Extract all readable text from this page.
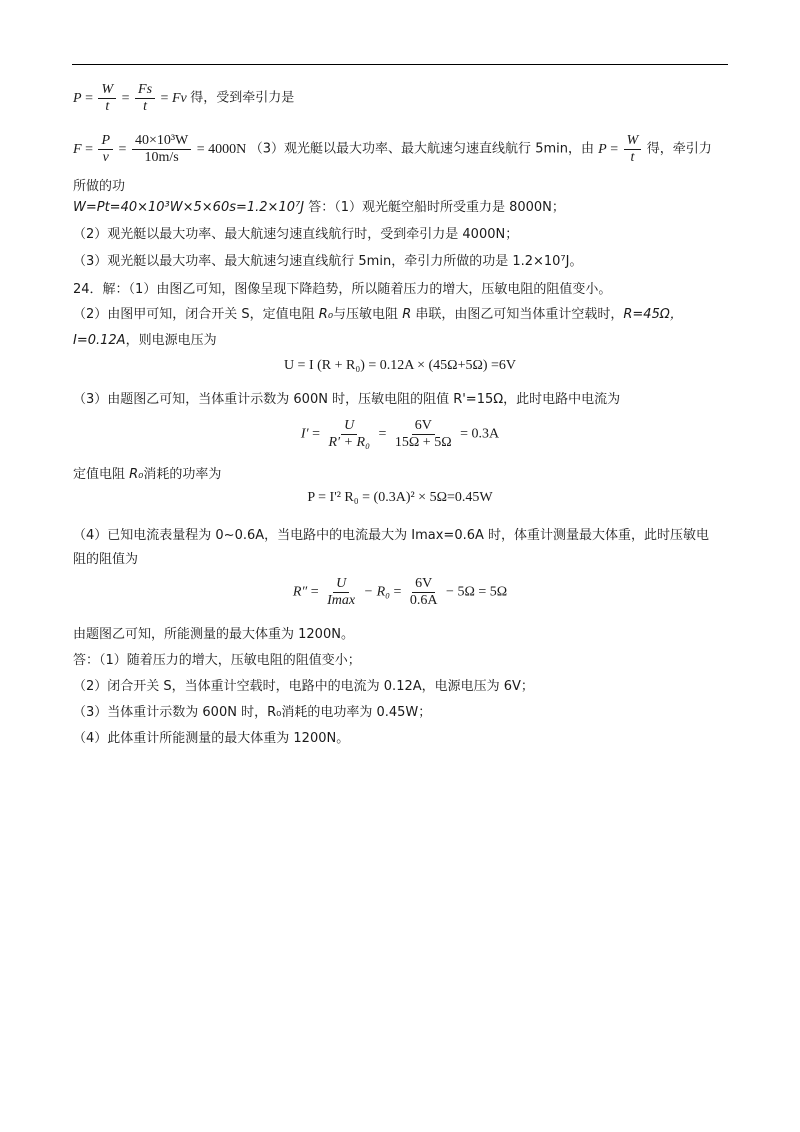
$P = \frac{W}{t} = \frac{Fs}{t} = Fv$ 得，受到牵引力是
$F = \frac{P}{v} = \frac{\text{40×10³W}}{10m/s} = 4000N$ （3）观光艇以最大功率、最大航速匀速直线航行 5min，由 $P = \frac{W}{t}$ 得，牵引力
所做的功
W=Pt=40×10³W×5×60s=1.2×10⁷J 答：（1）观光艇空船时所受重力是 8000N；
（2）观光艇以最大功率、最大航速匀速直线航行时，受到牵引力是 4000N；
（3）观光艇以最大功率、最大航速匀速直线航行 5min，牵引力所做的功是 1.2×10⁷J。
24．解：（1）由图乙可知，图像呈现下降趋势，所以随着压力的增大，压敏电阻的阻值变小。
（2）由图甲可知，闭合开关 S，定值电阻 R₀与压敏电阻 R 串联，由图乙可知当体重计空载时，R=45Ω，
I=0.12A，则电源电压为
U = I (R + R₀) = 0.12A × (45Ω+5Ω) =6V
（3）由题图乙可知，当体重计示数为 600N 时，压敏电阻的阻值 R'=15Ω，此时电路中电流为
$I' = \frac{U}{\text{R′ + R₀}} = \frac{6V}{15\Omega + 5\Omega} = 0.3A$
定值电阻 R₀消耗的功率为
P = I'² R₀ = (0.3A)² × 5Ω=0.45W
（4）已知电流表量程为 0~0.6A，当电路中的电流最大为 Imax=0.6A 时，体重计测量最大体重，此时压敏电
阻的阻值为
$R'' = \frac{U}{Imax} - R_0 = \frac{6V}{0.6A} - 5\Omega = 5\Omega$
由题图乙可知，所能测量的最大体重为 1200N。
答：（1）随着压力的增大，压敏电阻的阻值变小；
（2）闭合开关 S，当体重计空载时，电路中的电流为 0.12A，电源电压为 6V；
（3）当体重计示数为 600N 时，R₀消耗的电功率为 0.45W；
（4）此体重计所能测量的最大体重为 1200N。
